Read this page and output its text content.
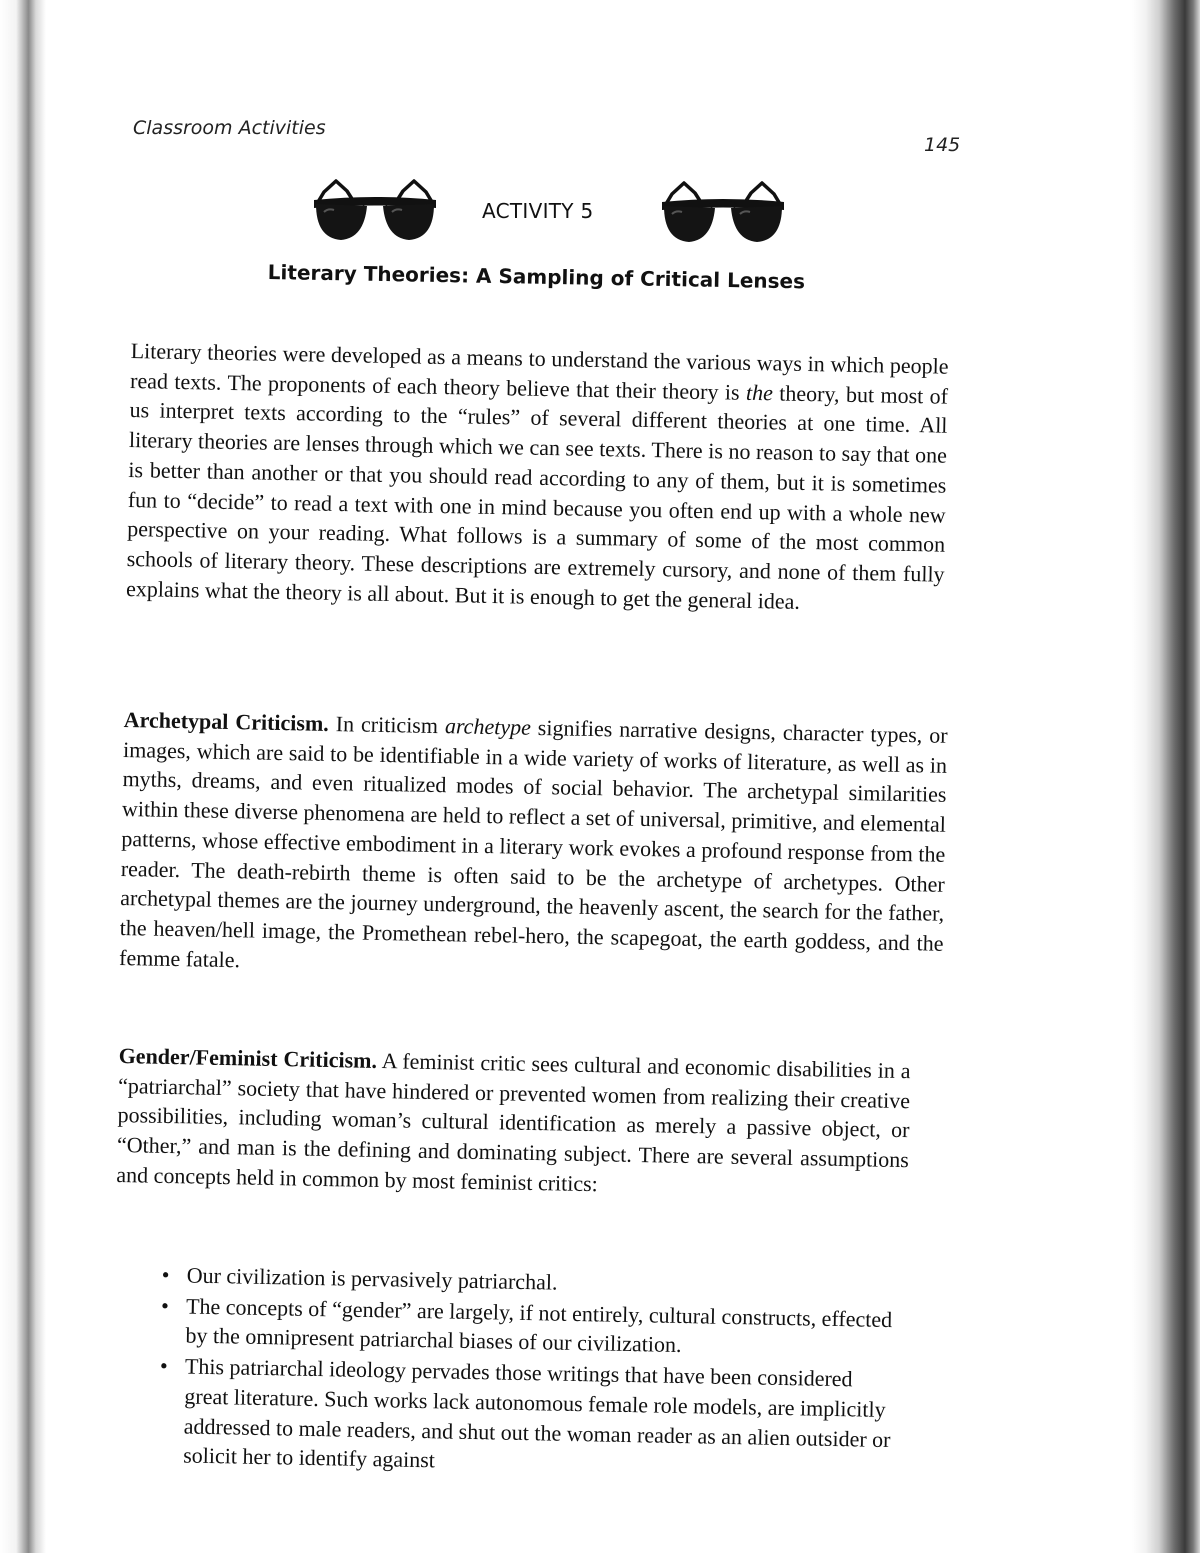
Classroom Activities
145
ACTIVITY 5
Literary Theories: A Sampling of Critical Lenses

Literary theories were developed as a means to understand the various ways in which people read texts. The proponents of each theory believe that their theory is the theory, but most of us interpret texts according to the “rules” of several different theories at one time. All literary theories are lenses through which we can see texts. There is no reason to say that one is better than another or that you should read according to any of them, but it is sometimes fun to “decide” to read a text with one in mind because you often end up with a whole new perspective on your reading. What follows is a summary of some of the most common schools of literary theory. These descriptions are extremely cursory, and none of them fully explains what the theory is all about. But it is enough to get the general idea.

Archetypal Criticism. In criticism archetype signifies narrative designs, character types, or images, which are said to be identifiable in a wide variety of works of literature, as well as in myths, dreams, and even ritualized modes of social behavior. The archetypal similarities within these diverse phenomena are held to reflect a set of universal, primitive, and elemental patterns, whose effective embodiment in a literary work evokes a profound response from the reader. The death-rebirth theme is often said to be the archetype of archetypes. Other archetypal themes are the journey underground, the heavenly ascent, the search for the father, the heaven/hell image, the Promethean rebel-hero, the scapegoat, the earth goddess, and the femme fatale.

Gender/Feminist Criticism. A feminist critic sees cultural and economic disabilities in a “patriarchal” society that have hindered or prevented women from realizing their creative possibilities, including woman’s cultural identification as merely a passive object, or “Other,” and man is the defining and dominating subject. There are several assumptions and concepts held in common by most feminist critics:

• Our civilization is pervasively patriarchal.
• The concepts of “gender” are largely, if not entirely, cultural constructs, effected by the omnipresent patriarchal biases of our civilization.
• This patriarchal ideology pervades those writings that have been considered great literature. Such works lack autonomous female role models, are implicitly addressed to male readers, and shut out the woman reader as an alien outsider or solicit her to identify against
